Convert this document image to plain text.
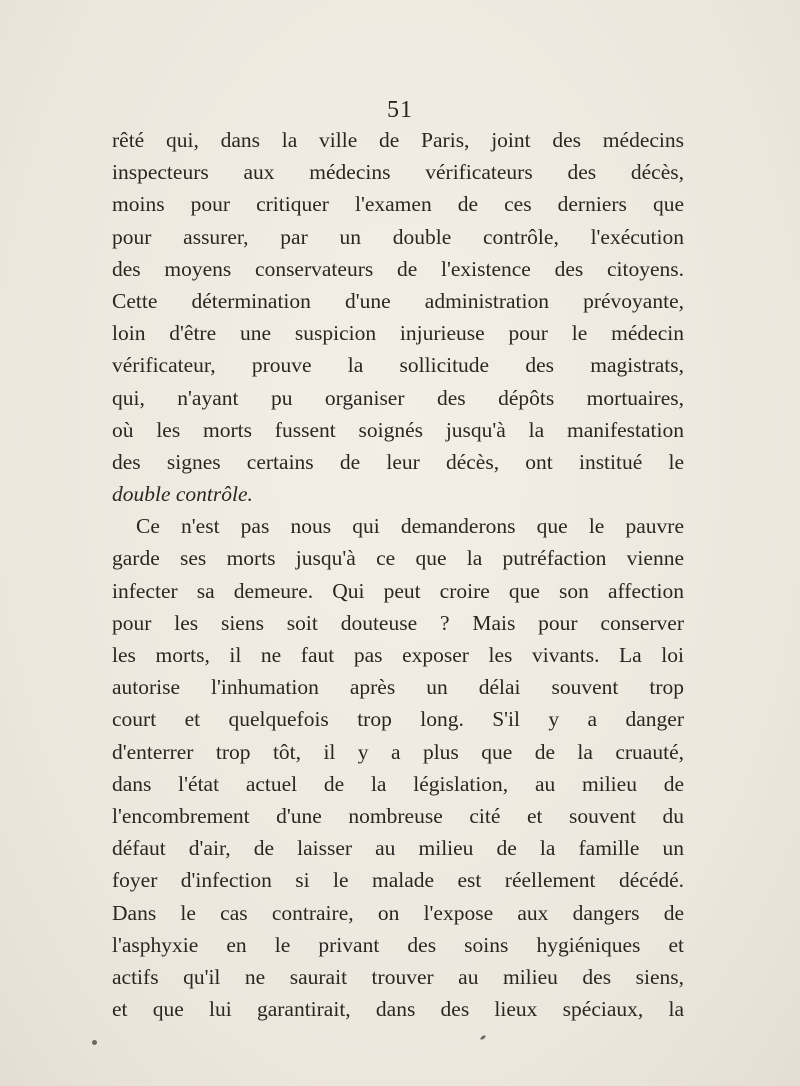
51
rêté qui, dans la ville de Paris, joint des médecins
inspecteurs aux médecins vérificateurs des décès,
moins pour critiquer l'examen de ces derniers que
pour assurer, par un double contrôle, l'exécution
des moyens conservateurs de l'existence des citoyens.
Cette détermination d'une administration prévoyante,
loin d'être une suspicion injurieuse pour le médecin
vérificateur, prouve la sollicitude des magistrats,
qui, n'ayant pu organiser des dépôts mortuaires,
où les morts fussent soignés jusqu'à la manifestation
des signes certains de leur décès, ont institué le
double contrôle.
Ce n'est pas nous qui demanderons que le pauvre
garde ses morts jusqu'à ce que la putréfaction vienne
infecter sa demeure. Qui peut croire que son affection
pour les siens soit douteuse ? Mais pour conserver
les morts, il ne faut pas exposer les vivants. La loi
autorise l'inhumation après un délai souvent trop
court et quelquefois trop long. S'il y a danger
d'enterrer trop tôt, il y a plus que de la cruauté,
dans l'état actuel de la législation, au milieu de
l'encombrement d'une nombreuse cité et souvent du
défaut d'air, de laisser au milieu de la famille un
foyer d'infection si le malade est réellement décédé.
Dans le cas contraire, on l'expose aux dangers de
l'asphyxie en le privant des soins hygiéniques et
actifs qu'il ne saurait trouver au milieu des siens,
et que lui garantirait, dans des lieux spéciaux, la
